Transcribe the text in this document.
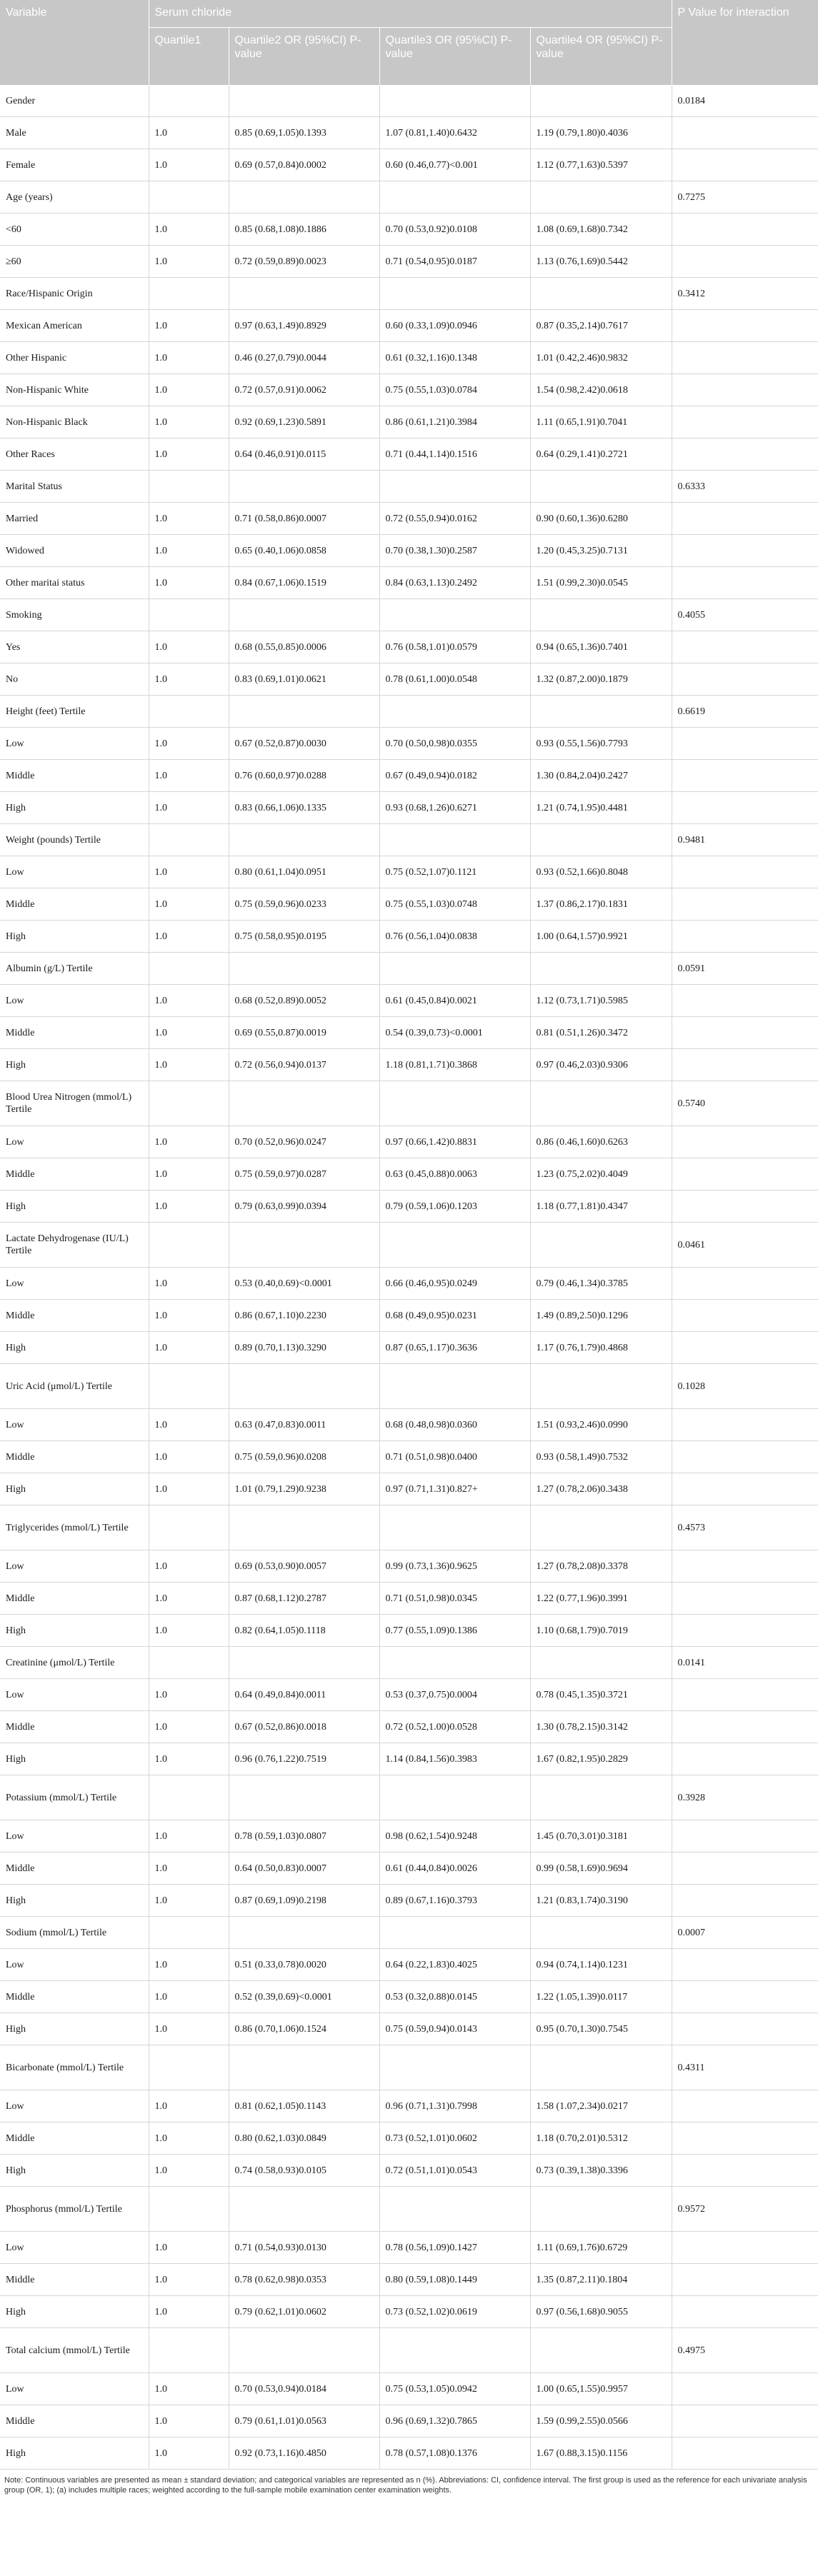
Variable	Serum chloride				P Value for interaction
	Quartile1	Quartile2 OR (95%CI) P-value	Quartile3 OR (95%CI) P-value	Quartile4 OR (95%CI) P-value	
Gender					0.0184
Male	1.0	0.85 (0.69,1.05)0.1393	1.07 (0.81,1.40)0.6432	1.19 (0.79,1.80)0.4036	
Female	1.0	0.69 (0.57,0.84)0.0002	0.60 (0.46,0.77)<0.001	1.12 (0.77,1.63)0.5397	
Age (years)					0.7275
<60	1.0	0.85 (0.68,1.08)0.1886	0.70 (0.53,0.92)0.0108	1.08 (0.69,1.68)0.7342	
≥60	1.0	0.72 (0.59,0.89)0.0023	0.71 (0.54,0.95)0.0187	1.13 (0.76,1.69)0.5442	
Race/Hispanic Origin					0.3412
Mexican American	1.0	0.97 (0.63,1.49)0.8929	0.60 (0.33,1.09)0.0946	0.87 (0.35,2.14)0.7617	
Other Hispanic	1.0	0.46 (0.27,0.79)0.0044	0.61 (0.32,1.16)0.1348	1.01 (0.42,2.46)0.9832	
Non-Hispanic White	1.0	0.72 (0.57,0.91)0.0062	0.75 (0.55,1.03)0.0784	1.54 (0.98,2.42)0.0618	
Non-Hispanic Black	1.0	0.92 (0.69,1.23)0.5891	0.86 (0.61,1.21)0.3984	1.11 (0.65,1.91)0.7041	
Other Races	1.0	0.64 (0.46,0.91)0.0115	0.71 (0.44,1.14)0.1516	0.64 (0.29,1.41)0.2721	
Marital Status					0.6333
Married	1.0	0.71 (0.58,0.86)0.0007	0.72 (0.55,0.94)0.0162	0.90 (0.60,1.36)0.6280	
Widowed	1.0	0.65 (0.40,1.06)0.0858	0.70 (0.38,1.30)0.2587	1.20 (0.45,3.25)0.7131	
Other maritai status	1.0	0.84 (0.67,1.06)0.1519	0.84 (0.63,1.13)0.2492	1.51 (0.99,2.30)0.0545	
Smoking					0.4055
Yes	1.0	0.68 (0.55,0.85)0.0006	0.76 (0.58,1.01)0.0579	0.94 (0.65,1.36)0.7401	
No	1.0	0.83 (0.69,1.01)0.0621	0.78 (0.61,1.00)0.0548	1.32 (0.87,2.00)0.1879	
Height (feet) Tertile					0.6619
Low	1.0	0.67 (0.52,0.87)0.0030	0.70 (0.50,0.98)0.0355	0.93 (0.55,1.56)0.7793	
Middle	1.0	0.76 (0.60,0.97)0.0288	0.67 (0.49,0.94)0.0182	1.30 (0.84,2.04)0.2427	
High	1.0	0.83 (0.66,1.06)0.1335	0.93 (0.68,1.26)0.6271	1.21 (0.74,1.95)0.4481	
Weight (pounds) Tertile					0.9481
Low	1.0	0.80 (0.61,1.04)0.0951	0.75 (0.52,1.07)0.1121	0.93 (0.52,1.66)0.8048	
Middle	1.0	0.75 (0.59,0.96)0.0233	0.75 (0.55,1.03)0.0748	1.37 (0.86,2.17)0.1831	
High	1.0	0.75 (0.58,0.95)0.0195	0.76 (0.56,1.04)0.0838	1.00 (0.64,1.57)0.9921	
Albumin (g/L) Tertile					0.0591
Low	1.0	0.68 (0.52,0.89)0.0052	0.61 (0.45,0.84)0.0021	1.12 (0.73,1.71)0.5985	
Middle	1.0	0.69 (0.55,0.87)0.0019	0.54 (0.39,0.73)<0.0001	0.81 (0.51,1.26)0.3472	
High	1.0	0.72 (0.56,0.94)0.0137	1.18 (0.81,1.71)0.3868	0.97 (0.46,2.03)0.9306	
Blood Urea Nitrogen (mmol/L) Tertile					0.5740
Low	1.0	0.70 (0.52,0.96)0.0247	0.97 (0.66,1.42)0.8831	0.86 (0.46,1.60)0.6263	
Middle	1.0	0.75 (0.59,0.97)0.0287	0.63 (0.45,0.88)0.0063	1.23 (0.75,2.02)0.4049	
High	1.0	0.79 (0.63,0.99)0.0394	0.79 (0.59,1.06)0.1203	1.18 (0.77,1.81)0.4347	
Lactate Dehydrogenase (IU/L) Tertile					0.0461
Low	1.0	0.53 (0.40,0.69)<0.0001	0.66 (0.46,0.95)0.0249	0.79 (0.46,1.34)0.3785	
Middle	1.0	0.86 (0.67,1.10)0.2230	0.68 (0.49,0.95)0.0231	1.49 (0.89,2.50)0.1296	
High	1.0	0.89 (0.70,1.13)0.3290	0.87 (0.65,1.17)0.3636	1.17 (0.76,1.79)0.4868	
Uric Acid (μmol/L) Tertile					0.1028
Low	1.0	0.63 (0.47,0.83)0.0011	0.68 (0.48,0.98)0.0360	1.51 (0.93,2.46)0.0990	
Middle	1.0	0.75 (0.59,0.96)0.0208	0.71 (0.51,0.98)0.0400	0.93 (0.58,1.49)0.7532	
High	1.0	1.01 (0.79,1.29)0.9238	0.97 (0.71,1.31)0.827+	1.27 (0.78,2.06)0.3438	
Triglycerides (mmol/L) Tertile					0.4573
Low	1.0	0.69 (0.53,0.90)0.0057	0.99 (0.73,1.36)0.9625	1.27 (0.78,2.08)0.3378	
Middle	1.0	0.87 (0.68,1.12)0.2787	0.71 (0.51,0.98)0.0345	1.22 (0.77,1.96)0.3991	
High	1.0	0.82 (0.64,1.05)0.1118	0.77 (0.55,1.09)0.1386	1.10 (0.68,1.79)0.7019	
Creatinine (μmol/L) Tertile					0.0141
Low	1.0	0.64 (0.49,0.84)0.0011	0.53 (0.37,0.75)0.0004	0.78 (0.45,1.35)0.3721	
Middle	1.0	0.67 (0.52,0.86)0.0018	0.72 (0.52,1.00)0.0528	1.30 (0.78,2.15)0.3142	
High	1.0	0.96 (0.76,1.22)0.7519	1.14 (0.84,1.56)0.3983	1.67 (0.82,1.95)0.2829	
Potassium (mmol/L) Tertile					0.3928
Low	1.0	0.78 (0.59,1.03)0.0807	0.98 (0.62,1.54)0.9248	1.45 (0.70,3.01)0.3181	
Middle	1.0	0.64 (0.50,0.83)0.0007	0.61 (0.44,0.84)0.0026	0.99 (0.58,1.69)0.9694	
High	1.0	0.87 (0.69,1.09)0.2198	0.89 (0.67,1.16)0.3793	1.21 (0.83,1.74)0.3190	
Sodium (mmol/L) Tertile					0.0007
Low	1.0	0.51 (0.33,0.78)0.0020	0.64 (0.22,1.83)0.4025	0.94 (0.74,1.14)0.1231	
Middle	1.0	0.52 (0.39,0.69)<0.0001	0.53 (0.32,0.88)0.0145	1.22 (1.05,1.39)0.0117	
High	1.0	0.86 (0.70,1.06)0.1524	0.75 (0.59,0.94)0.0143	0.95 (0.70,1.30)0.7545	
Bicarbonate (mmol/L) Tertile					0.4311
Low	1.0	0.81 (0.62,1.05)0.1143	0.96 (0.71,1.31)0.7998	1.58 (1.07,2.34)0.0217	
Middle	1.0	0.80 (0.62,1.03)0.0849	0.73 (0.52,1.01)0.0602	1.18 (0.70,2.01)0.5312	
High	1.0	0.74 (0.58,0.93)0.0105	0.72 (0.51,1.01)0.0543	0.73 (0.39,1.38)0.3396	
Phosphorus (mmol/L) Tertile					0.9572
Low	1.0	0.71 (0.54,0.93)0.0130	0.78 (0.56,1.09)0.1427	1.11 (0.69,1.76)0.6729	
Middle	1.0	0.78 (0.62,0.98)0.0353	0.80 (0.59,1.08)0.1449	1.35 (0.87,2.11)0.1804	
High	1.0	0.79 (0.62,1.01)0.0602	0.73 (0.52,1.02)0.0619	0.97 (0.56,1.68)0.9055	
Total calcium (mmol/L) Tertile					0.4975
Low	1.0	0.70 (0.53,0.94)0.0184	0.75 (0.53,1.05)0.0942	1.00 (0.65,1.55)0.9957	
Middle	1.0	0.79 (0.61,1.01)0.0563	0.96 (0.69,1.32)0.7865	1.59 (0.99,2.55)0.0566	
High	1.0	0.92 (0.73,1.16)0.4850	0.78 (0.57,1.08)0.1376	1.67 (0.88,3.15)0.1156	
Note: Continuous variables are presented as mean ± standard deviation; and categorical variables are represented as n (%). Abbreviations: CI, confidence interval. The first group is used as the reference for each univariate analysis group (OR, 1); (a) includes multiple races; weighted according to the full-sample mobile examination center examination weights.
